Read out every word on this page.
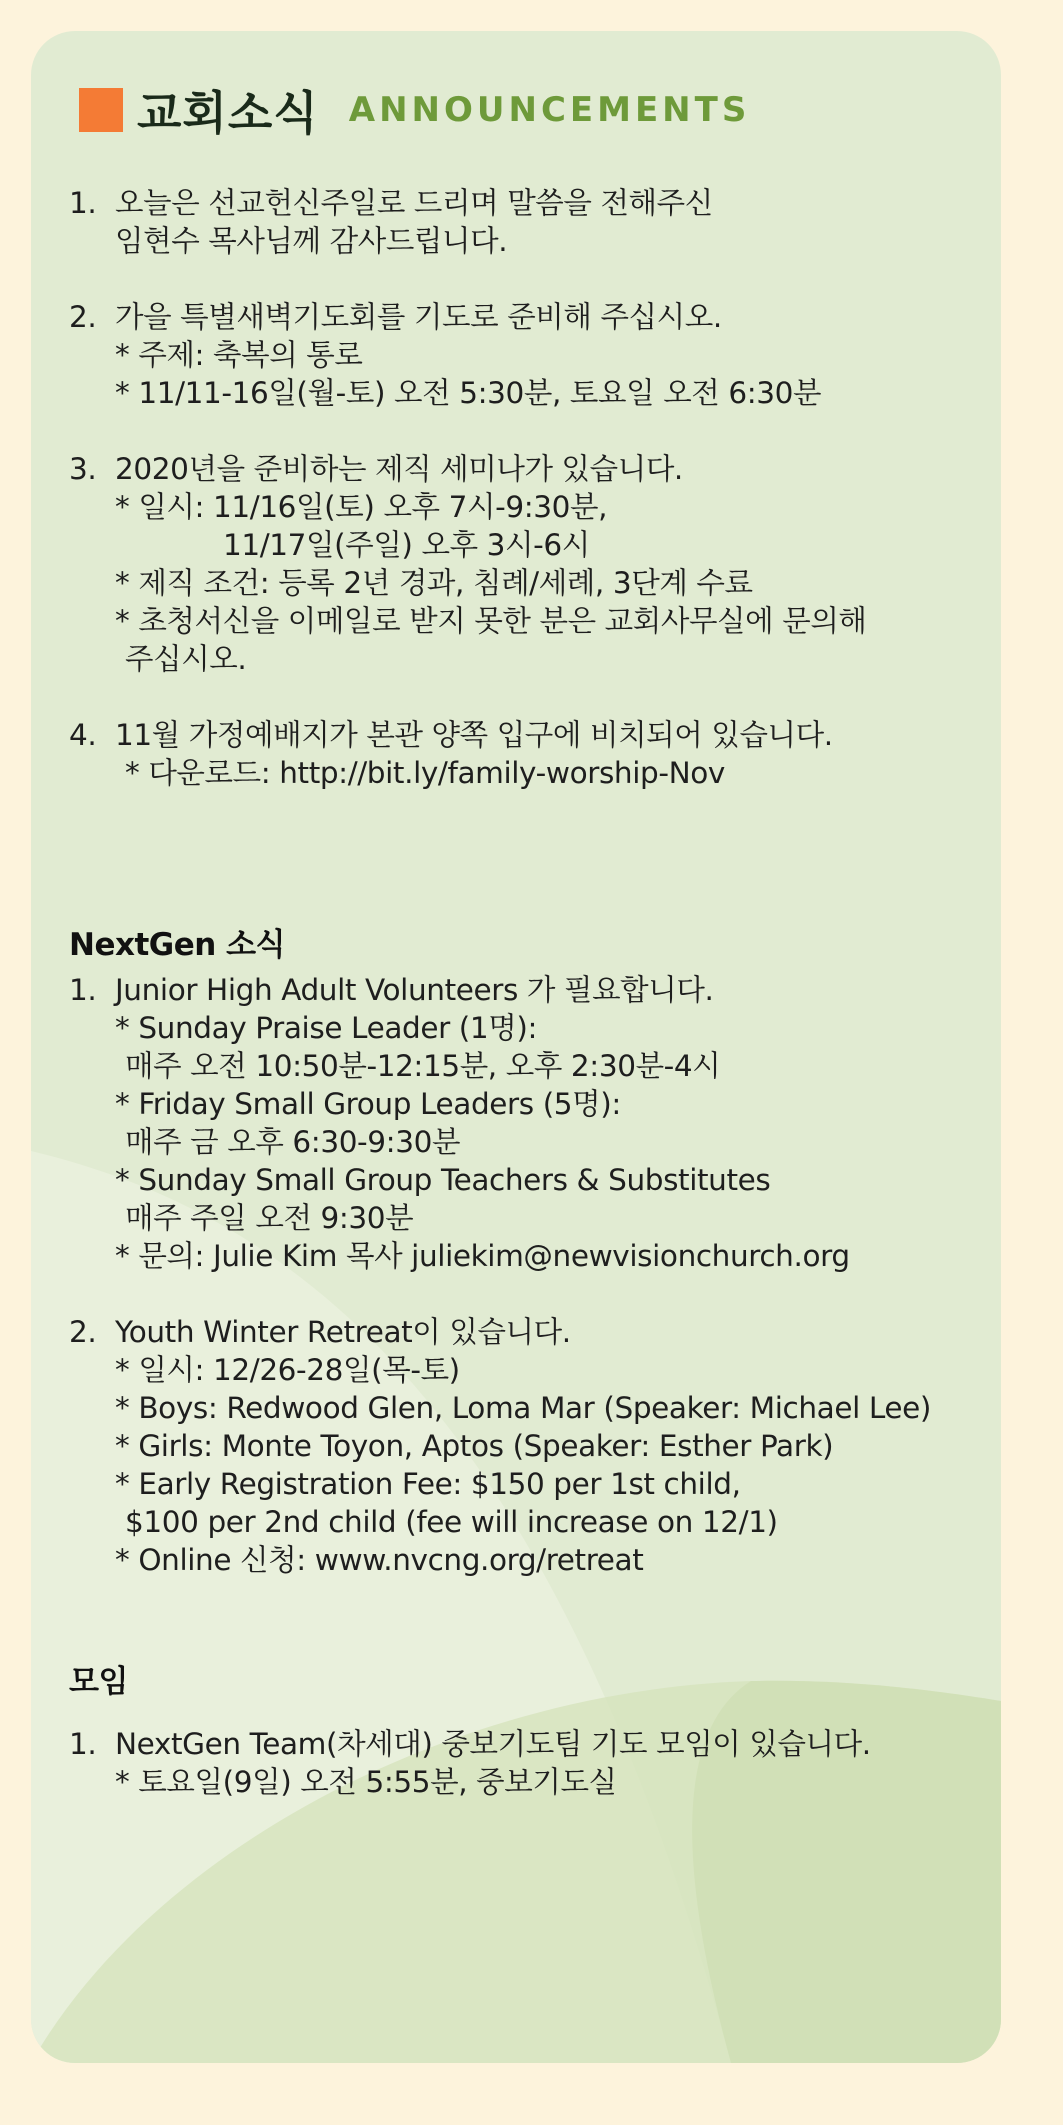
교회소식 ANNOUNCEMENTS
1. 오늘은 선교헌신주일로 드리며 말씀을 전해주신
임현수 목사님께 감사드립니다.
2. 가을 특별새벽기도회를 기도로 준비해 주십시오.
* 주제: 축복의 통로
* 11/11-16일(월-토) 오전 5:30분, 토요일 오전 6:30분
3. 2020년을 준비하는 제직 세미나가 있습니다.
* 일시: 11/16일(토) 오후 7시-9:30분,
11/17일(주일) 오후 3시-6시
* 제직 조건: 등록 2년 경과, 침례/세례, 3단계 수료
* 초청서신을 이메일로 받지 못한 분은 교회사무실에 문의해
주십시오.
4. 11월 가정예배지가 본관 양쪽 입구에 비치되어 있습니다.
* 다운로드: http://bit.ly/family-worship-Nov
NextGen 소식
1. Junior High Adult Volunteers 가 필요합니다.
* Sunday Praise Leader (1명):
매주 오전 10:50분-12:15분, 오후 2:30분-4시
* Friday Small Group Leaders (5명):
매주 금 오후 6:30-9:30분
* Sunday Small Group Teachers & Substitutes
매주 주일 오전 9:30분
* 문의: Julie Kim 목사 juliekim@newvisionchurch.org
2. Youth Winter Retreat이 있습니다.
* 일시: 12/26-28일(목-토)
* Boys: Redwood Glen, Loma Mar (Speaker: Michael Lee)
* Girls: Monte Toyon, Aptos (Speaker: Esther Park)
* Early Registration Fee: $150 per 1st child,
$100 per 2nd child (fee will increase on 12/1)
* Online 신청: www.nvcng.org/retreat
모임
1. NextGen Team(차세대) 중보기도팀 기도 모임이 있습니다.
* 토요일(9일) 오전 5:55분, 중보기도실
